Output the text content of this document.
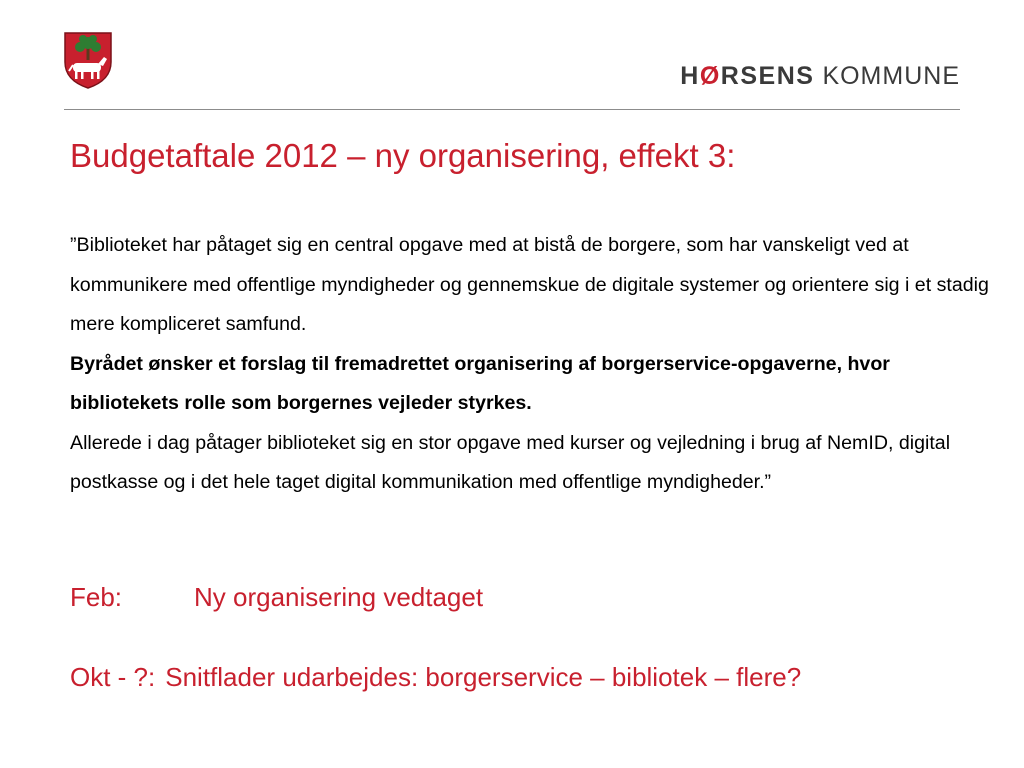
HØRSENS KOMMUNE
Budgetaftale 2012 – ny organisering, effekt 3:

”Biblioteket har påtaget sig en central opgave med at bistå de borgere, som har vanskeligt ved at kommunikere med offentlige myndigheder og gennemskue de digitale systemer og orientere sig i et stadig mere kompliceret samfund.

Byrådet ønsker et forslag til fremadrettet organisering af borgerservice-opgaverne, hvor bibliotekets rolle som borgernes vejleder styrkes.

Allerede i dag påtager biblioteket sig en stor opgave med kurser og vejledning i brug af NemID, digital postkasse og i det hele taget digital kommunikation med offentlige myndigheder.”

Feb:	Ny organisering vedtaget
Okt - ?: Snitflader udarbejdes: borgerservice – bibliotek – flere?
